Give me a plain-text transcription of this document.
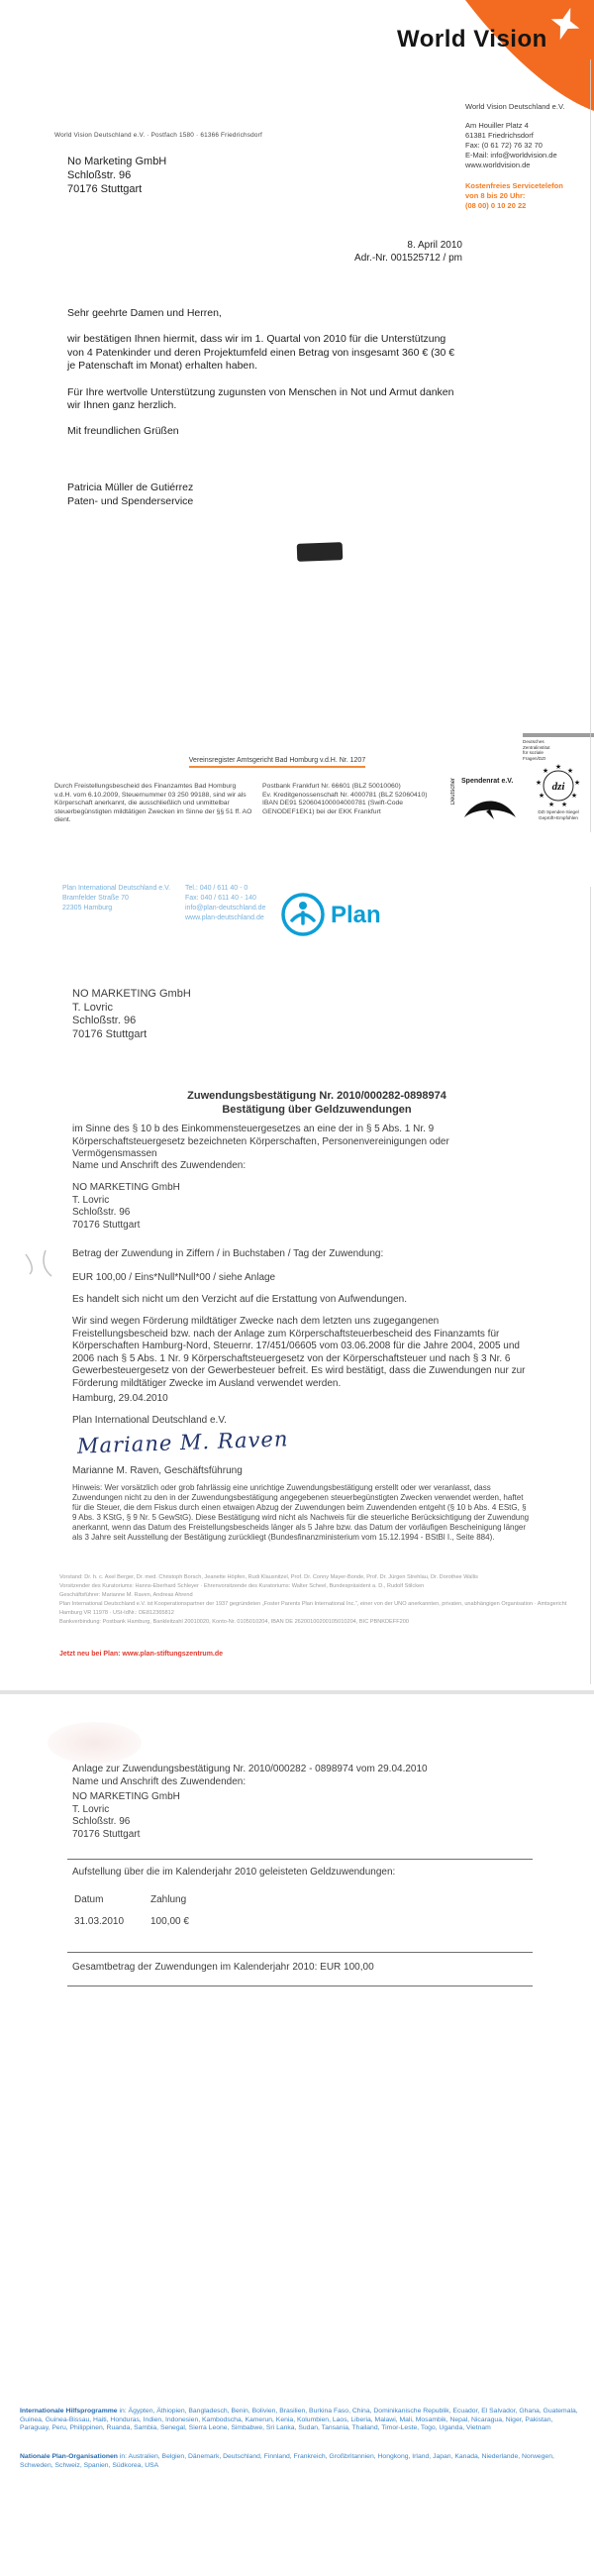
World Vision
World Vision Deutschland e.V.
Am Houiller Platz 4
61381 Friedrichsdorf
Fax: (0 61 72) 76 32 70
E-Mail: info@worldvision.de
www.worldvision.de
Kostenfreies Servicetelefon
von 8 bis 20 Uhr:
(08 00) 0 10 20 22
World Vision Deutschland e.V. · Postfach 1580 · 61366 Friedrichsdorf
No Marketing GmbH
Schloßstr. 96
70176 Stuttgart
8. April 2010
Adr.-Nr. 001525712 / pm

Sehr geehrte Damen und Herren,

wir bestätigen Ihnen hiermit, dass wir im 1. Quartal von 2010 für die Unterstützung von 4 Patenkinder und deren Projektumfeld einen Betrag von insgesamt 360 € (30 € je Patenschaft im Monat) erhalten haben.

Für Ihre wertvolle Unterstützung zugunsten von Menschen in Not und Armut danken wir Ihnen ganz herzlich.

Mit freundlichen Grüßen

Patricia Müller de Gutiérrez
Paten- und Spenderservice
Vereinsregister Amtsgericht Bad Homburg v.d.H. Nr. 1207
Durch Freistellungsbescheid des Finanzamtes Bad Homburg v.d.H. vom 6.10.2009, Steuernummer 03 250 99188, sind wir als Körperschaft anerkannt, die ausschließlich und unmittelbar steuerbegünstigten mildtätigen Zwecken im Sinne der §§ 51 ff. AO dient.
Postbank Frankfurt Nr. 66601 (BLZ 50010060)
Ev. Kreditgenossenschaft Nr. 4000781 (BLZ 52060410)
IBAN DE91 520604100004000781 (Swift-Code
GENODEF1EK1) bei der EKK Frankfurt
Deutscher Spendenrat e.V.
Deutsches
Zentralinstitut
für soziale
Fragen/DZI
dzi
★ ★
★
★
★
★
★
★
★
DZI Spenden-Siegel
Geprüft+Empfohlen
Plan International Deutschland e.V.
Bramfelder Straße 70
22305 Hamburg
Tel.: 040 / 611 40 - 0
Fax: 040 / 611 40 - 140
info@plan-deutschland.de
www.plan-deutschland.de	Plan
NO MARKETING GmbH
T. Lovric
Schloßstr. 96
70176 Stuttgart
Zuwendungsbestätigung Nr. 2010/000282-0898974
Bestätigung über Geldzuwendungen
im Sinne des § 10 b des Einkommensteuergesetzes an eine der in § 5 Abs. 1 Nr. 9 Körperschaftsteuergesetz bezeichneten Körperschaften, Personenvereinigungen oder Vermögensmassen
Name und Anschrift des Zuwendenden:
NO MARKETING GmbH
T. Lovric
Schloßstr. 96
70176 Stuttgart
Betrag der Zuwendung in Ziffern / in Buchstaben / Tag der Zuwendung:
EUR 100,00 / Eins*Null*Null*00 / siehe Anlage
Es handelt sich nicht um den Verzicht auf die Erstattung von Aufwendungen.
Wir sind wegen Förderung mildtätiger Zwecke nach dem letzten uns zugegangenen Freistellungsbescheid bzw. nach der Anlage zum Körperschaftsteuerbescheid des Finanzamts für Körperschaften Hamburg-Nord, Steuernr. 17/451/06605 vom 03.06.2008 für die Jahre 2004, 2005 und 2006 nach § 5 Abs. 1 Nr. 9 Körperschaftsteuergesetz von der Körperschaftsteuer und nach § 3 Nr. 6 Gewerbesteuergesetz von der Gewerbesteuer befreit. Es wird bestätigt, dass die Zuwendungen nur zur Förderung mildtätiger Zwecke im Ausland verwendet werden.
Hamburg, 29.04.2010
Plan International Deutschland e.V.
Mariane M. Raven
Marianne M. Raven, Geschäftsführung
Hinweis: Wer vorsätzlich oder grob fahrlässig eine unrichtige Zuwendungsbestätigung erstellt oder wer veranlasst, dass Zuwendungen nicht zu den in der Zuwendungsbestätigung angegebenen steuerbegünstigten Zwecken verwendet werden, haftet für die Steuer, die dem Fiskus durch einen etwaigen Abzug der Zuwendungen beim Zuwendenden entgeht (§ 10 b Abs. 4 EStG, § 9 Abs. 3 KStG, § 9 Nr. 5 GewStG). Diese Bestätigung wird nicht als Nachweis für die steuerliche Berücksichtigung der Zuwendung anerkannt, wenn das Datum des Freistellungsbescheids länger als 5 Jahre bzw. das Datum der vorläufigen Bescheinigung länger als 3 Jahre seit Ausstellung der Bestätigung zurückliegt (Bundesfinanzministerium vom 15.12.1994 - BStBl I., Seite 884).
Vorstand: Dr. h. c. Axel Berger, Dr. med. Christoph Borsch, Jeanette Höpfen, Rudi Klausnitzel, Prof. Dr. Conny Mayer-Bonde, Prof. Dr. Jürgen Strehlau, Dr. Dorothee Wallis
Vorsitzender des Kuratoriums: Hanns-Eberhard Schleyer · Ehrenvorsitzende des Kuratoriums: Walter Scheel, Bundespräsident a. D., Rudolf Stilcken
Geschäftsführer: Marianne M. Raven, Andreas Ahrend
Plan International Deutschland e.V. ist Kooperationspartner der 1937 gegründeten „Foster Parents Plan International Inc.“, einer von der UNO anerkannten, privaten, unabhängigen Organisation · Amtsgericht Hamburg VR 11978 · USt-IdNr.: DE812365812
Bankverbindung: Postbank Hamburg, Bankleitzahl 20010020, Konto-Nr. 0105010204, IBAN DE 26200100200105010204, BIC PBNKDEFF200
Jetzt neu bei Plan: www.plan-stiftungszentrum.de
Anlage zur Zuwendungsbestätigung Nr. 2010/000282 - 0898974 vom 29.04.2010
Name und Anschrift des Zuwendenden:
NO MARKETING GmbH
T. Lovric
Schloßstr. 96
70176 Stuttgart
Aufstellung über die im Kalenderjahr 2010 geleisteten Geldzuwendungen:
Datum	Zahlung
31.03.2010	100,00 €
Gesamtbetrag der Zuwendungen im Kalenderjahr 2010: EUR 100,00
Internationale Hilfsprogramme in: Ägypten, Äthiopien, Bangladesch, Benin, Bolivien, Brasilien, Burkina Faso, China, Dominikanische Republik, Ecuador, El Salvador, Ghana, Guatemala, Guinea, Guinea-Bissau, Haiti, Honduras, Indien, Indonesien, Kambodscha, Kamerun, Kenia, Kolumbien, Laos, Liberia, Malawi, Mali, Mosambik, Nepal, Nicaragua, Niger, Pakistan, Paraguay, Peru, Philippinen, Ruanda, Sambia, Senegal, Sierra Leone, Simbabwe, Sri Lanka, Sudan, Tansania, Thailand, Timor-Leste, Togo, Uganda, Vietnam
Nationale Plan-Organisationen in: Australien, Belgien, Dänemark, Deutschland, Finnland, Frankreich, Großbritannien, Hongkong, Irland, Japan, Kanada, Niederlande, Norwegen, Schweden, Schweiz, Spanien, Südkorea, USA
